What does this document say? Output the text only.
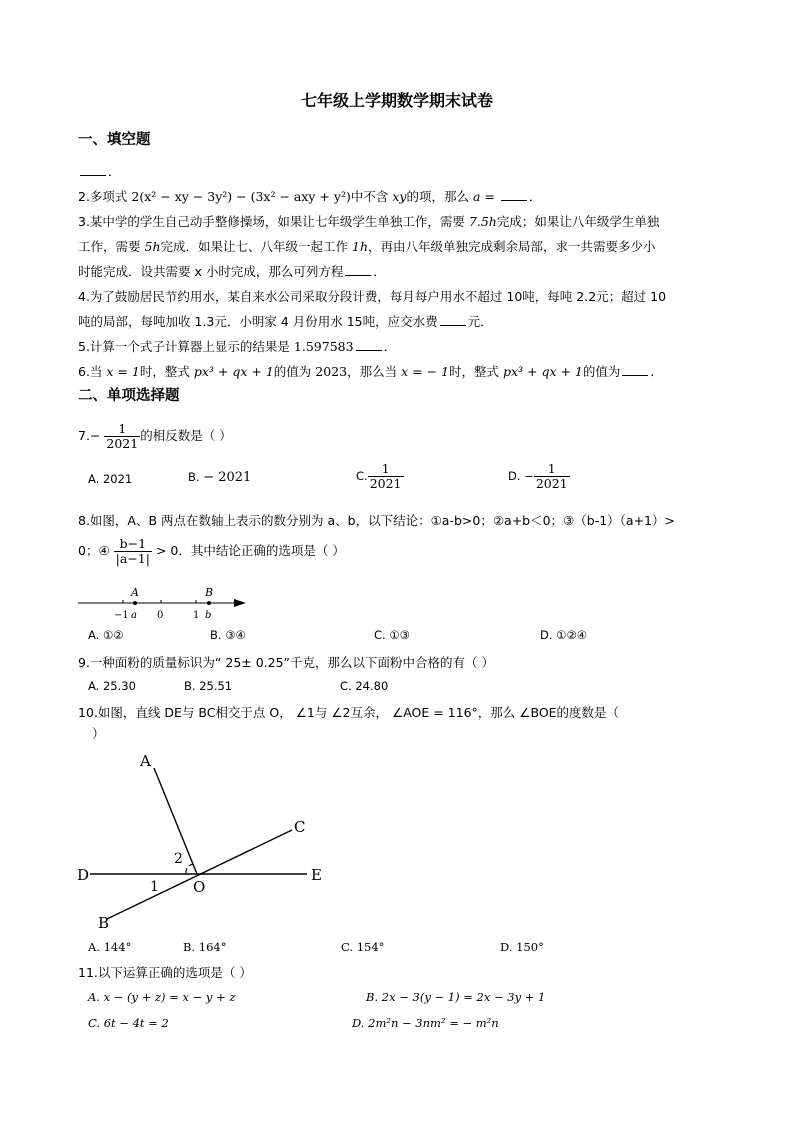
七年级上学期数学期末试卷
一、填空题
．
2.多项式 2(x² − xy − 3y²) − (3x² − axy + y²)中不含 xy的项，那么 a =	．
3.某中学的学生自己动手整修操场，如果让七年级学生单独工作，需要 7.5h完成；如果让八年级学生单独
工作，需要 5h完成．如果让七、八年级一起工作 1h，再由八年级单独完成剩余局部，求一共需要多少小
时能完成．设共需要 x 小时完成，那么可列方程 ．
4.为了鼓励居民节约用水，某自来水公司采取分段计费，每月每户用水不超过 10吨，每吨 2.2元；超过 10
吨的局部，每吨加收 1.3元．小明家 4 月份用水 15吨，应交水费 元．
5.计算一个式子计算器上显示的结果是 1.597583 ．
6.当 x = 1时，整式 px³ + qx + 1的值为 2023，那么当 x = − 1时，整式 px³ + qx + 1的值为 ．
二、单项选择题
$7.- \frac{1}{2021}$ 的相反数是（ ）
A. 2021	B. − 2021	C. $\frac{1}{2021}$	D. − $\frac{1}{2021}$
8.如图，A、B 两点在数轴上表示的数分别为 a、b，以下结论：①a-b>0；②a+b＜0；③（b-1）（a+1）>
0；④ $\frac{b-1}{|a-1|} > 0$．其中结论正确的选项是（ ）
A	B
−1 a 0	1 b
A. ①②	B. ③④	C. ①③	D. ①②④
9.一种面粉的质量标识为“ 25± 0.25”千克，那么以下面粉中合格的有（ ）
A. 25.30	B. 25.51	C. 24.80
10.如图，直线 DE与 BC相交于点 O， ∠1与 ∠2互余， ∠AOE = 116°，那么 ∠BOE的度数是（
）
A
B
C
D	E
O
1
2
A. 144°	B. 164°	C. 154°	D. 150°
11.以下运算正确的选项是（ ）
A. x − (y + z) = x − y + z	B. 2x − 3(y − 1) = 2x − 3y + 1
C. 6t − 4t = 2	D. 2m²n − 3nm² = − m²n
